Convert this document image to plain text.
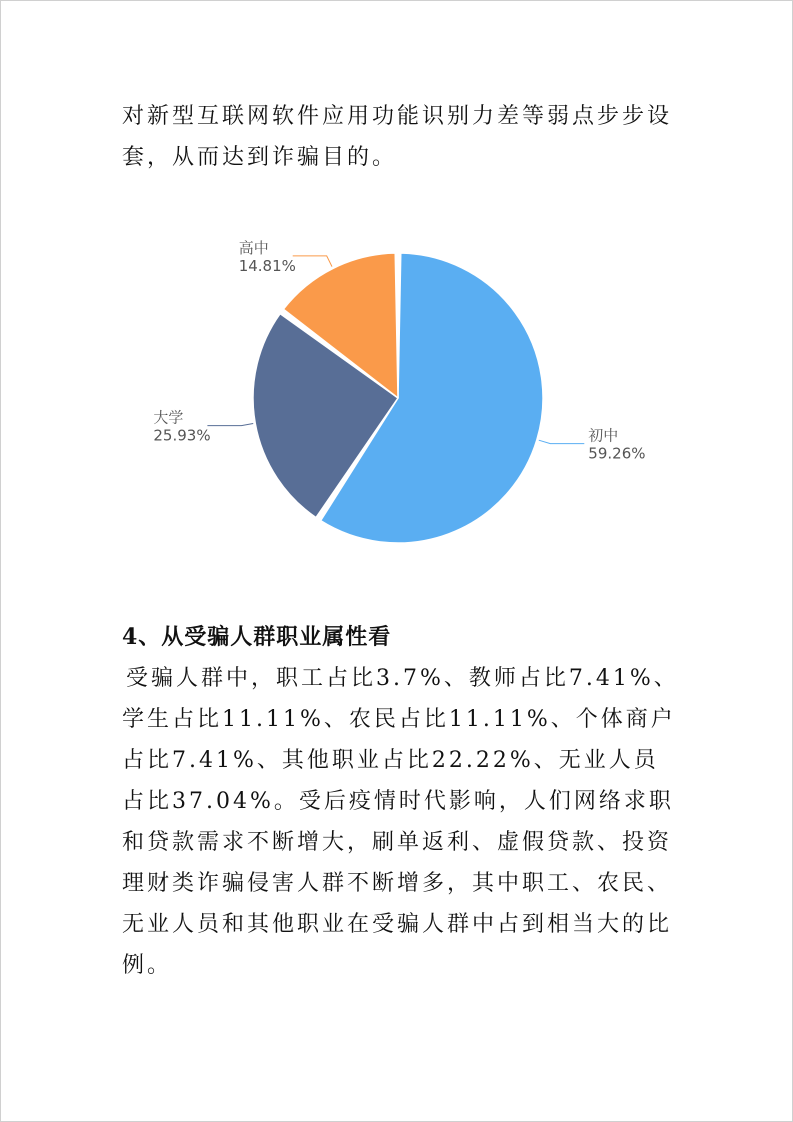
对新型互联网软件应用功能识别力差等弱点步步设套，从而达到诈骗目的。

初中
59.26%
大学
25.93%
高中
14.81%
4、从受骗人群职业属性看

受骗人群中，职工占比3.7%、教师占比7.41%、学生占比11.11%、农民占比11.11%、个体商户占比7.41%、其他职业占比22.22%、无业人员占比37.04%。受后疫情时代影响，人们网络求职和贷款需求不断增大，刷单返利、虚假贷款、投资理财类诈骗侵害人群不断增多，其中职工、农民、无业人员和其他职业在受骗人群中占到相当大的比例。
